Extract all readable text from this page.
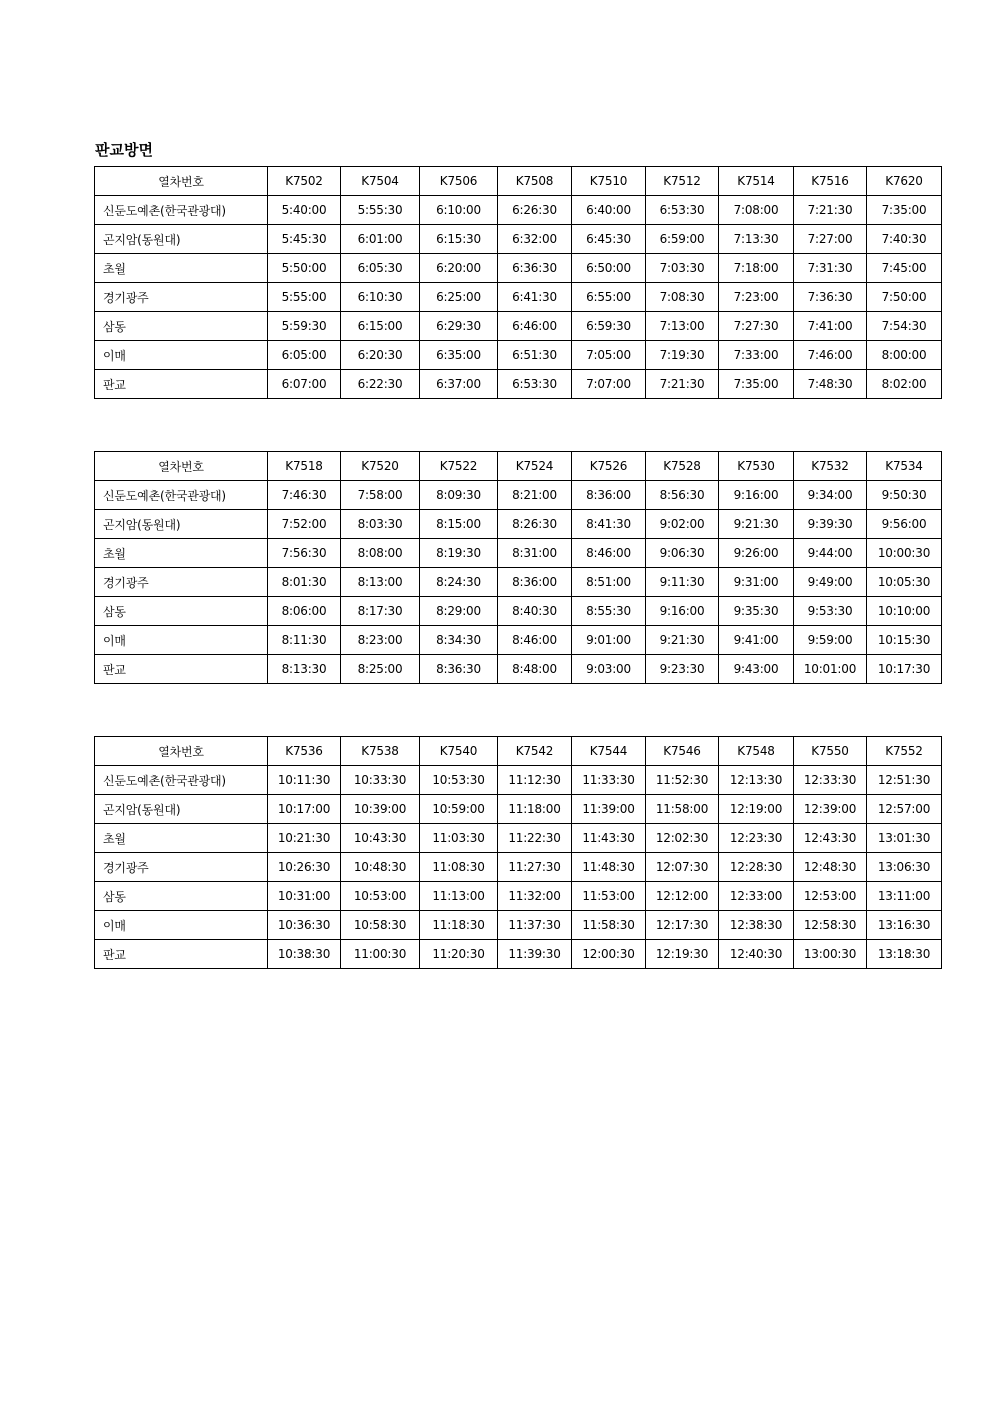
판교방면
열차번호	K7502	K7504	K7506	K7508	K7510	K7512	K7514	K7516	K7620
신둔도예촌(한국관광대)	5:40:00	5:55:30	6:10:00	6:26:30	6:40:00	6:53:30	7:08:00	7:21:30	7:35:00
곤지암(동원대)	5:45:30	6:01:00	6:15:30	6:32:00	6:45:30	6:59:00	7:13:30	7:27:00	7:40:30
초월	5:50:00	6:05:30	6:20:00	6:36:30	6:50:00	7:03:30	7:18:00	7:31:30	7:45:00
경기광주	5:55:00	6:10:30	6:25:00	6:41:30	6:55:00	7:08:30	7:23:00	7:36:30	7:50:00
삼동	5:59:30	6:15:00	6:29:30	6:46:00	6:59:30	7:13:00	7:27:30	7:41:00	7:54:30
이매	6:05:00	6:20:30	6:35:00	6:51:30	7:05:00	7:19:30	7:33:00	7:46:00	8:00:00
판교	6:07:00	6:22:30	6:37:00	6:53:30	7:07:00	7:21:30	7:35:00	7:48:30	8:02:00
열차번호	K7518	K7520	K7522	K7524	K7526	K7528	K7530	K7532	K7534
신둔도예촌(한국관광대)	7:46:30	7:58:00	8:09:30	8:21:00	8:36:00	8:56:30	9:16:00	9:34:00	9:50:30
곤지암(동원대)	7:52:00	8:03:30	8:15:00	8:26:30	8:41:30	9:02:00	9:21:30	9:39:30	9:56:00
초월	7:56:30	8:08:00	8:19:30	8:31:00	8:46:00	9:06:30	9:26:00	9:44:00	10:00:30
경기광주	8:01:30	8:13:00	8:24:30	8:36:00	8:51:00	9:11:30	9:31:00	9:49:00	10:05:30
삼동	8:06:00	8:17:30	8:29:00	8:40:30	8:55:30	9:16:00	9:35:30	9:53:30	10:10:00
이매	8:11:30	8:23:00	8:34:30	8:46:00	9:01:00	9:21:30	9:41:00	9:59:00	10:15:30
판교	8:13:30	8:25:00	8:36:30	8:48:00	9:03:00	9:23:30	9:43:00	10:01:00	10:17:30
열차번호	K7536	K7538	K7540	K7542	K7544	K7546	K7548	K7550	K7552
신둔도예촌(한국관광대)	10:11:30	10:33:30	10:53:30	11:12:30	11:33:30	11:52:30	12:13:30	12:33:30	12:51:30
곤지암(동원대)	10:17:00	10:39:00	10:59:00	11:18:00	11:39:00	11:58:00	12:19:00	12:39:00	12:57:00
초월	10:21:30	10:43:30	11:03:30	11:22:30	11:43:30	12:02:30	12:23:30	12:43:30	13:01:30
경기광주	10:26:30	10:48:30	11:08:30	11:27:30	11:48:30	12:07:30	12:28:30	12:48:30	13:06:30
삼동	10:31:00	10:53:00	11:13:00	11:32:00	11:53:00	12:12:00	12:33:00	12:53:00	13:11:00
이매	10:36:30	10:58:30	11:18:30	11:37:30	11:58:30	12:17:30	12:38:30	12:58:30	13:16:30
판교	10:38:30	11:00:30	11:20:30	11:39:30	12:00:30	12:19:30	12:40:30	13:00:30	13:18:30
